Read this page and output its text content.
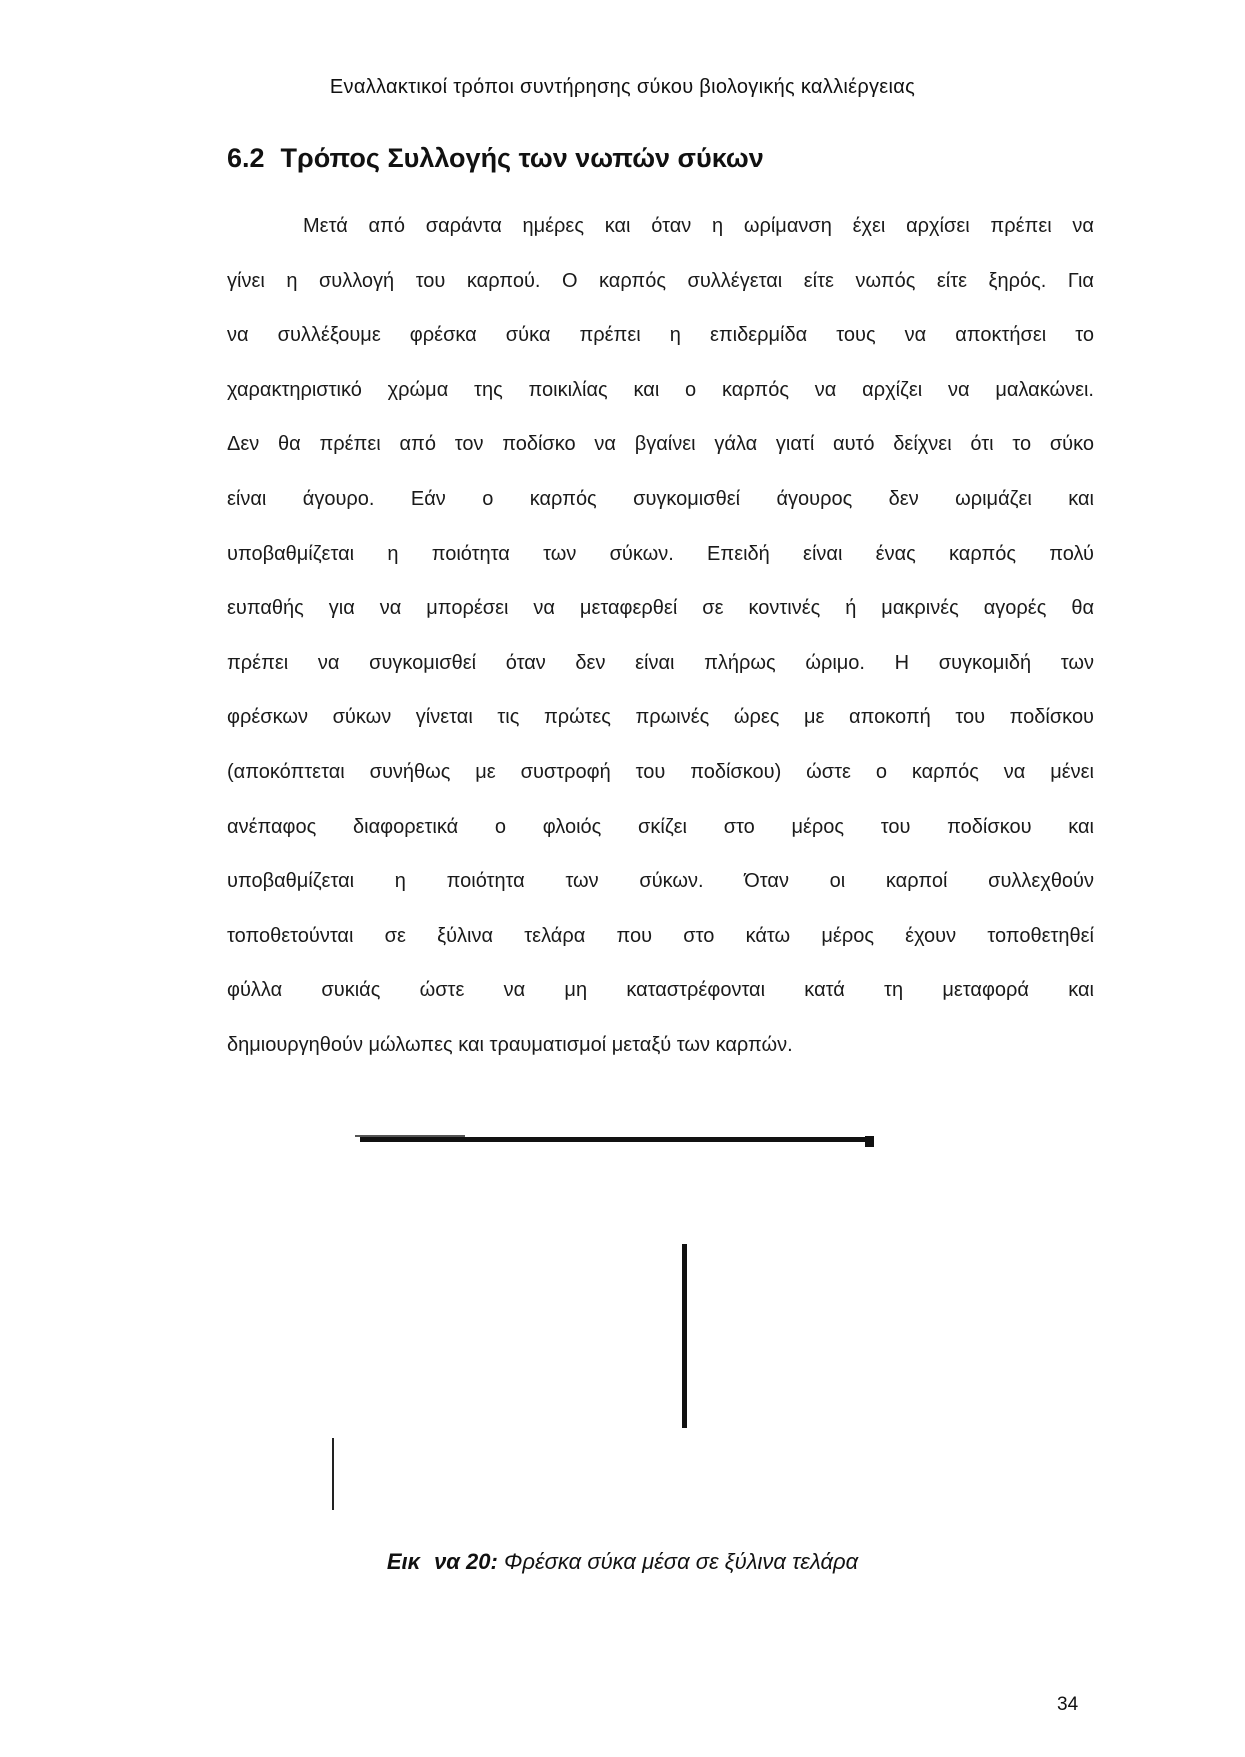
Εναλλακτικοί τρόποι συντήρησης σύκου βιολογικής καλλιέργειας
6.2 Τρόπος Συλλογής των νωπών σύκων
Μετά από σαράντα ημέρες και όταν η ωρίμανση έχει αρχίσει πρέπει να
γίνει η συλλογή του καρπού. Ο καρπός συλλέγεται είτε νωπός είτε ξηρός. Για
να συλλέξουμε φρέσκα σύκα πρέπει η επιδερμίδα τους να αποκτήσει το
χαρακτηριστικό χρώμα της ποικιλίας και ο καρπός να αρχίζει να μαλακώνει.
Δεν θα πρέπει από τον ποδίσκο να βγαίνει γάλα γιατί αυτό δείχνει ότι το σύκο
είναι άγουρο. Εάν ο καρπός συγκομισθεί άγουρος δεν ωριμάζει και
υποβαθμίζεται η ποιότητα των σύκων. Επειδή είναι ένας καρπός πολύ
ευπαθής για να μπορέσει να μεταφερθεί σε κοντινές ή μακρινές αγορές θα
πρέπει να συγκομισθεί όταν δεν είναι πλήρως ώριμο. Η συγκομιδή των
φρέσκων σύκων γίνεται τις πρώτες πρωινές ώρες με αποκοπή του ποδίσκου
(αποκόπτεται συνήθως με συστροφή του ποδίσκου) ώστε ο καρπός να μένει
ανέπαφος διαφορετικά ο φλοιός σκίζει στο μέρος του ποδίσκου και
υποβαθμίζεται η ποιότητα των σύκων. Όταν οι καρποί συλλεχθούν
τοποθετούνται σε ξύλινα τελάρα που στο κάτω μέρος έχουν τοποθετηθεί
φύλλα συκιάς ώστε να μη καταστρέφονται κατά τη μεταφορά και
δημιουργηθούν μώλωπες και τραυματισμοί μεταξύ των καρπών.
Εικ να 20: Φρέσκα σύκα μέσα σε ξύλινα τελάρα
34
